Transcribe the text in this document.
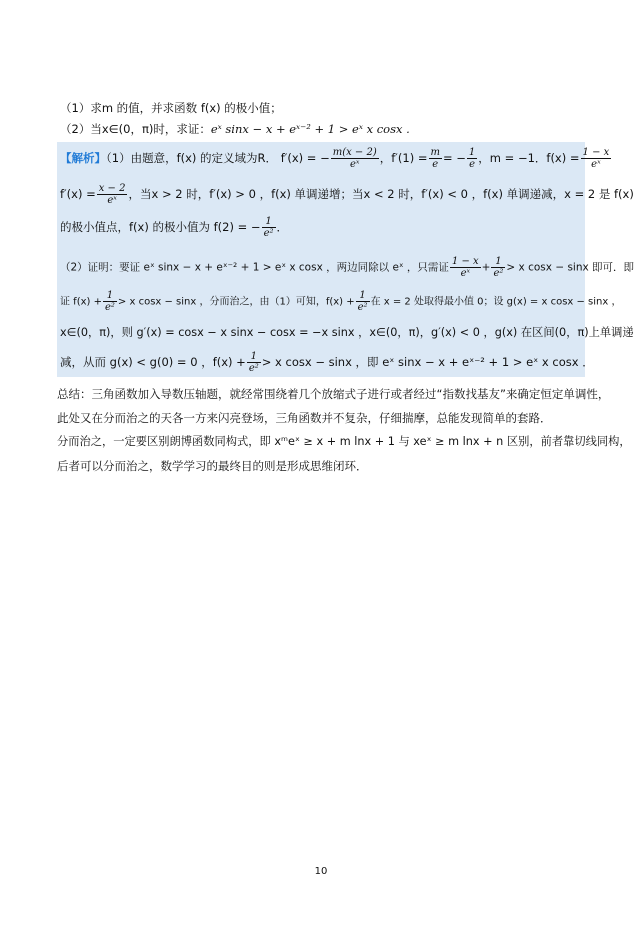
（1）求m 的值，并求函数 f(x) 的极小值；
（2）当x∈(0，π)时，求证：eˣ sinx − x + eˣ⁻² + 1 > eˣ x cosx .
【解析】（1）由题意，f(x) 的定义域为R． f′(x) = − $\frac{m(x - 2)}{\text{eˣ}}$ ，$f'(1) = \frac{m}{e}$ = − $\frac{1}{e}$ ，m = −1．$f(x) = \frac{1 - x}{\text{eˣ}}$
$f'(x) = \frac{x - 2}{\text{eˣ}}$ ，当x > 2 时，f′(x) > 0 ，f(x) 单调递增；当x < 2 时，f′(x) < 0 ，f(x) 单调递减，x = 2 是 f(x)
的极小值点，f(x) 的极小值为 f(2) = − $\frac{1}{\text{e²}}$ ．
（2）证明：要证 eˣ sinx − x + eˣ⁻² + 1 > eˣ x cosx ，两边同除以 eˣ ，只需证 $\frac{1 - x}{\text{eˣ}} + \frac{1}{\text{e²}} > x$ cosx − sinx 即可．即
证 $f(x) + \frac{1}{\text{e²}} > x$ cosx − sinx ，分而治之，由（1）可知，$f(x) + \frac{1}{\text{e²}}$ 在 x = 2 处取得最小值 0；设 g(x) = x cosx − sinx ，
x∈(0，π)，则 g′(x) = cosx − x sinx − cosx = −x sinx ，x∈(0，π)，g′(x) < 0 ，g(x) 在区间(0，π)上单调递
减，从而 g(x) < g(0) = 0 ，$f(x) + \frac{1}{\text{e²}} > x$ cosx − sinx ，即 eˣ sinx − x + eˣ⁻² + 1 > eˣ x cosx ．
总结：三角函数加入导数压轴题，就经常围绕着几个放缩式子进行或者经过“指数找基友”来确定恒定单调性，
此处又在分而治之的天各一方来闪亮登场，三角函数并不复杂，仔细揣摩，总能发现简单的套路．
分而治之，一定要区别朗博函数同构式，即 xᵐeˣ ≥ x + m lnx + 1 与 xeˣ ≥ m lnx + n 区别，前者靠切线同构，
后者可以分而治之，数学学习的最终目的则是形成思维闭环．
10
